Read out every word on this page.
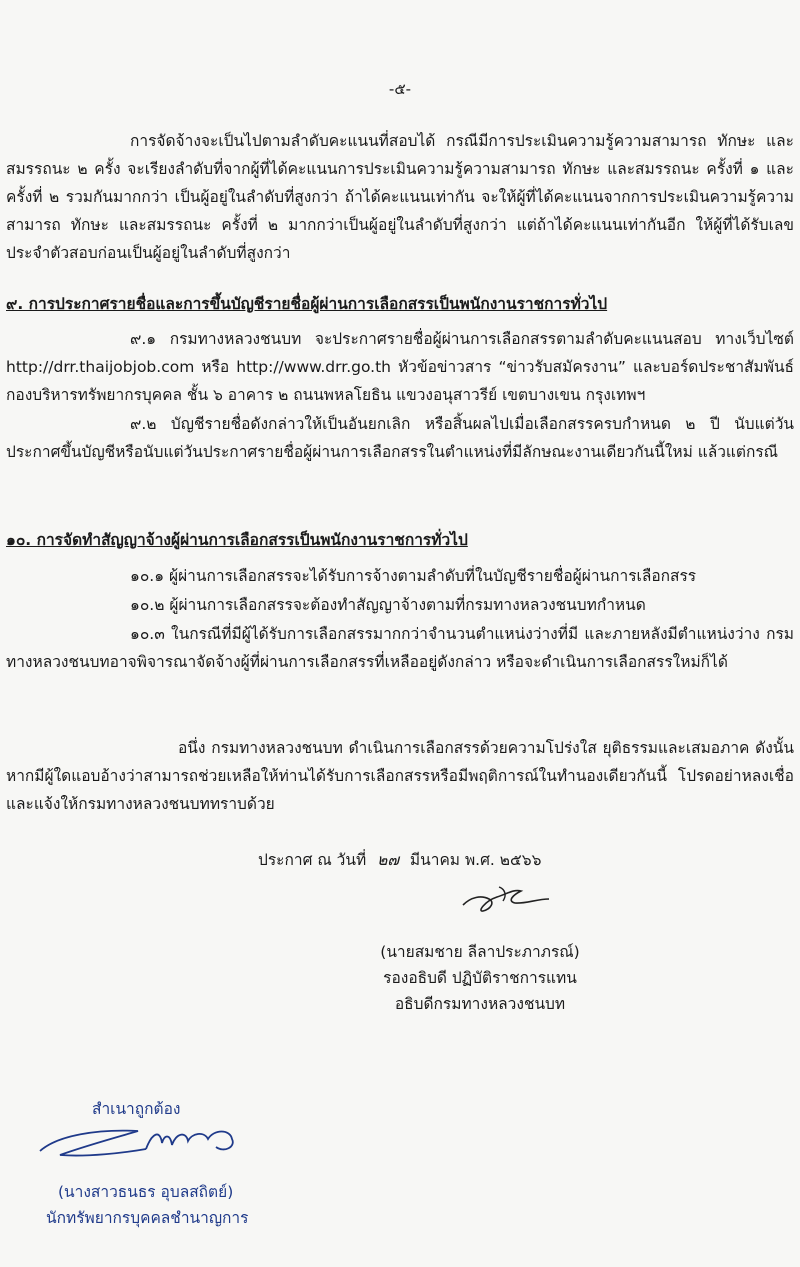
-๕-
การจัดจ้างจะเป็นไปตามลำดับคะแนนที่สอบได้ กรณีมีการประเมินความรู้ความสามารถ ทักษะ และสมรรถนะ ๒ ครั้ง จะเรียงลำดับที่จากผู้ที่ได้คะแนนการประเมินความรู้ความสามารถ ทักษะ และสมรรถนะ ครั้งที่ ๑ และครั้งที่ ๒ รวมกันมากกว่า เป็นผู้อยู่ในลำดับที่สูงกว่า ถ้าได้คะแนนเท่ากัน จะให้ผู้ที่ได้คะแนนจากการประเมินความรู้ความสามารถ ทักษะ และสมรรถนะ ครั้งที่ ๒ มากกว่าเป็นผู้อยู่ในลำดับที่สูงกว่า แต่ถ้าได้คะแนนเท่ากันอีก ให้ผู้ที่ได้รับเลขประจำตัวสอบก่อนเป็นผู้อยู่ในลำดับที่สูงกว่า
๙. การประกาศรายชื่อและการขึ้นบัญชีรายชื่อผู้ผ่านการเลือกสรรเป็นพนักงานราชการทั่วไป
๙.๑ กรมทางหลวงชนบท จะประกาศรายชื่อผู้ผ่านการเลือกสรรตามลำดับคะแนนสอบ ทางเว็บไซต์ http://drr.thaijobjob.com หรือ http://www.drr.go.th หัวข้อข่าวสาร “ข่าวรับสมัครงาน” และบอร์ดประชาสัมพันธ์ กองบริหารทรัพยากรบุคคล ชั้น ๖ อาคาร ๒ ถนนพหลโยธิน แขวงอนุสาวรีย์ เขตบางเขน กรุงเทพฯ
๙.๒ บัญชีรายชื่อดังกล่าวให้เป็นอันยกเลิก หรือสิ้นผลไปเมื่อเลือกสรรครบกำหนด ๒ ปี นับแต่วันประกาศขึ้นบัญชีหรือนับแต่วันประกาศรายชื่อผู้ผ่านการเลือกสรรในตำแหน่งที่มีลักษณะงานเดียวกันนี้ใหม่ แล้วแต่กรณี
๑๐. การจัดทำสัญญาจ้างผู้ผ่านการเลือกสรรเป็นพนักงานราชการทั่วไป
๑๐.๑ ผู้ผ่านการเลือกสรรจะได้รับการจ้างตามลำดับที่ในบัญชีรายชื่อผู้ผ่านการเลือกสรร
๑๐.๒ ผู้ผ่านการเลือกสรรจะต้องทำสัญญาจ้างตามที่กรมทางหลวงชนบทกำหนด
๑๐.๓ ในกรณีที่มีผู้ได้รับการเลือกสรรมากกว่าจำนวนตำแหน่งว่างที่มี และภายหลังมีตำแหน่งว่าง กรมทางหลวงชนบทอาจพิจารณาจัดจ้างผู้ที่ผ่านการเลือกสรรที่เหลืออยู่ดังกล่าว หรือจะดำเนินการเลือกสรรใหม่ก็ได้
อนึ่ง กรมทางหลวงชนบท ดำเนินการเลือกสรรด้วยความโปร่งใส ยุติธรรมและเสมอภาค ดังนั้น หากมีผู้ใดแอบอ้างว่าสามารถช่วยเหลือให้ท่านได้รับการเลือกสรรหรือมีพฤติการณ์ในทำนองเดียวกันนี้ โปรดอย่าหลงเชื่อและแจ้งให้กรมทางหลวงชนบททราบด้วย
ประกาศ ณ วันที่ ๒๗ มีนาคม พ.ศ. ๒๕๖๖
(นายสมชาย ลีลาประภาภรณ์)
รองอธิบดี ปฏิบัติราชการแทน
อธิบดีกรมทางหลวงชนบท
สำเนาถูกต้อง
(นางสาวธนธร อุบลสถิตย์)
นักทรัพยากรบุคคลชำนาญการ
